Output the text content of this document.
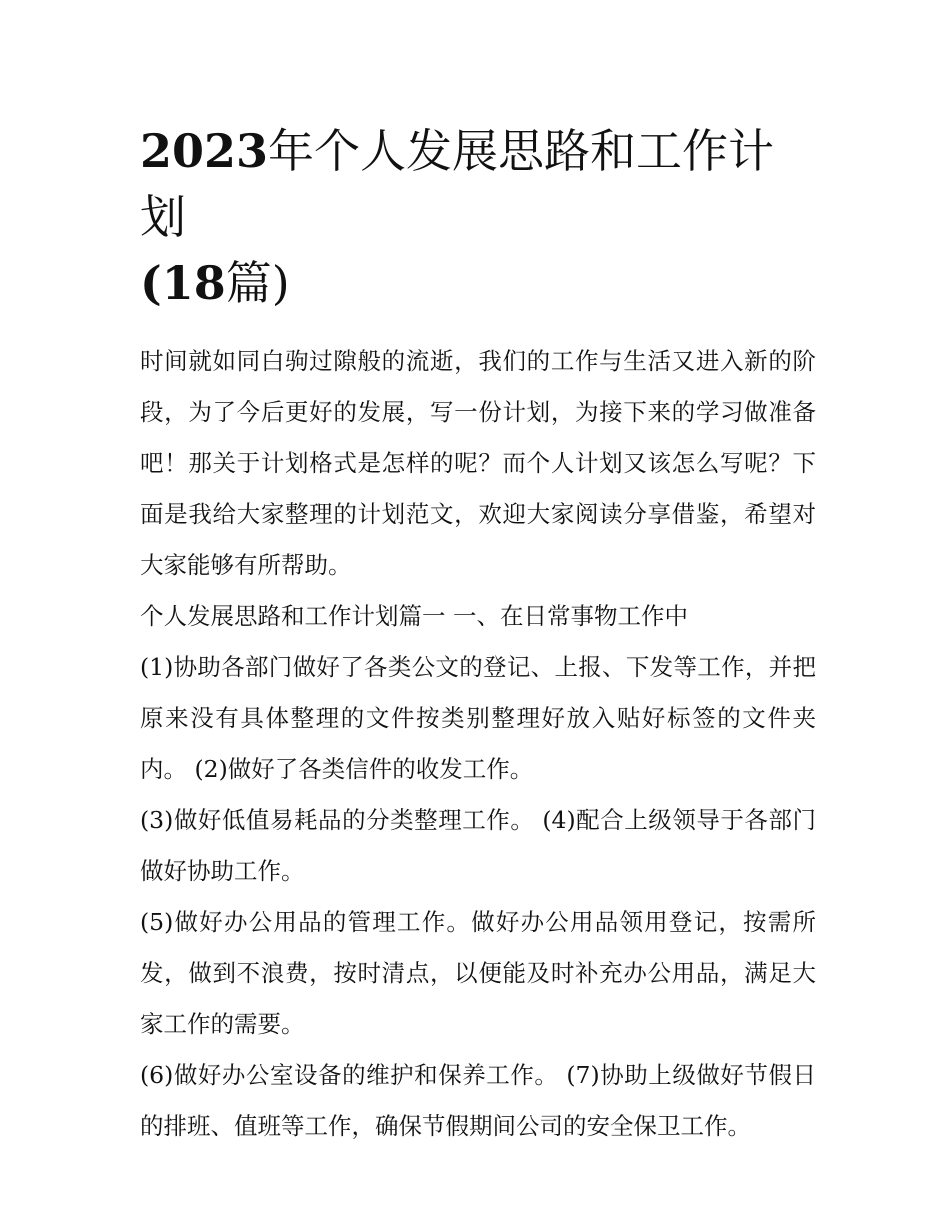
2023年个人发展思路和工作计划
(18篇)

时间就如同白驹过隙般的流逝，我们的工作与生活又进入新的阶段，为了今后更好的发展，写一份计划，为接下来的学习做准备吧！那关于计划格式是怎样的呢？而个人计划又该怎么写呢？下面是我给大家整理的计划范文，欢迎大家阅读分享借鉴，希望对大家能够有所帮助。

个人发展思路和工作计划篇一 一、在日常事物工作中

(1)协助各部门做好了各类公文的登记、上报、下发等工作，并把原来没有具体整理的文件按类别整理好放入贴好标签的文件夹内。 (2)做好了各类信件的收发工作。

(3)做好低值易耗品的分类整理工作。 (4)配合上级领导于各部门做好协助工作。

(5)做好办公用品的管理工作。做好办公用品领用登记，按需所发，做到不浪费，按时清点，以便能及时补充办公用品，满足大家工作的需要。

(6)做好办公室设备的维护和保养工作。 (7)协助上级做好节假日的排班、值班等工作，确保节假期间公司的安全保卫工作。
